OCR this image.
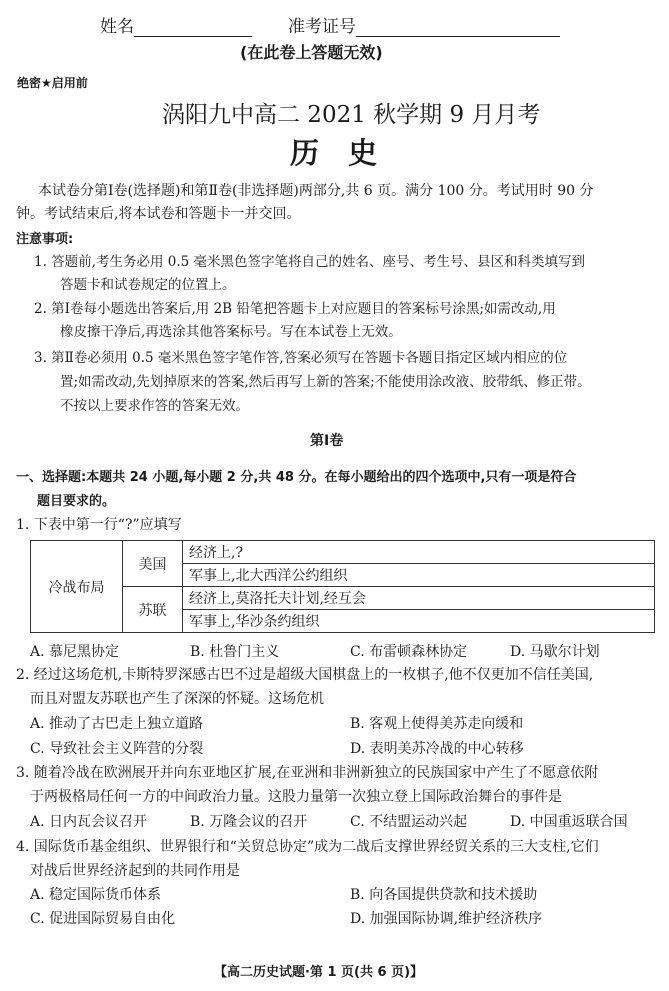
姓名	准考证号
(在此卷上答题无效)
绝密★启用前
涡阳九中高二 2021 秋学期 9 月月考
历　史
本试卷分第Ⅰ卷(选择题)和第Ⅱ卷(非选择题)两部分,共 6 页。满分 100 分。考试用时 90 分
钟。考试结束后,将本试卷和答题卡一并交回。
注意事项:
1. 答题前,考生务必用 0.5 毫米黑色签字笔将自己的姓名、座号、考生号、县区和科类填写到
答题卡和试卷规定的位置上。
2. 第Ⅰ卷每小题选出答案后,用 2B 铅笔把答题卡上对应题目的答案标号涂黑;如需改动,用
橡皮擦干净后,再选涂其他答案标号。写在本试卷上无效。
3. 第Ⅱ卷必须用 0.5 毫米黑色签字笔作答,答案必须写在答题卡各题目指定区域内相应的位
置;如需改动,先划掉原来的答案,然后再写上新的答案;不能使用涂改液、胶带纸、修正带。
不按以上要求作答的答案无效。
第Ⅰ卷
一、选择题:本题共 24 小题,每小题 2 分,共 48 分。在每小题给出的四个选项中,只有一项是符合
题目要求的。
1. 下表中第一行“?”应填写
冷战布局	美国	经济上,?
		军事上,北大西洋公约组织
	苏联	经济上,莫洛托夫计划,经互会
		军事上,华沙条约组织
A. 慕尼黑协定	B. 杜鲁门主义	C. 布雷顿森林协定	D. 马歇尔计划
2. 经过这场危机,卡斯特罗深感古巴不过是超级大国棋盘上的一枚棋子,他不仅更加不信任美国,
而且对盟友苏联也产生了深深的怀疑。这场危机
A. 推动了古巴走上独立道路	B. 客观上使得美苏走向缓和
C. 导致社会主义阵营的分裂	D. 表明美苏冷战的中心转移
3. 随着冷战在欧洲展开并向东亚地区扩展,在亚洲和非洲新独立的民族国家中产生了不愿意依附
于两极格局任何一方的中间政治力量。这股力量第一次独立登上国际政治舞台的事件是
A. 日内瓦会议召开	B. 万隆会议的召开	C. 不结盟运动兴起	D. 中国重返联合国
4. 国际货币基金组织、世界银行和“关贸总协定”成为二战后支撑世界经贸关系的三大支柱,它们
对战后世界经济起到的共同作用是
A. 稳定国际货币体系	B. 向各国提供贷款和技术援助
C. 促进国际贸易自由化	D. 加强国际协调,维护经济秩序
【高二历史试题·第 1 页(共 6 页)】
